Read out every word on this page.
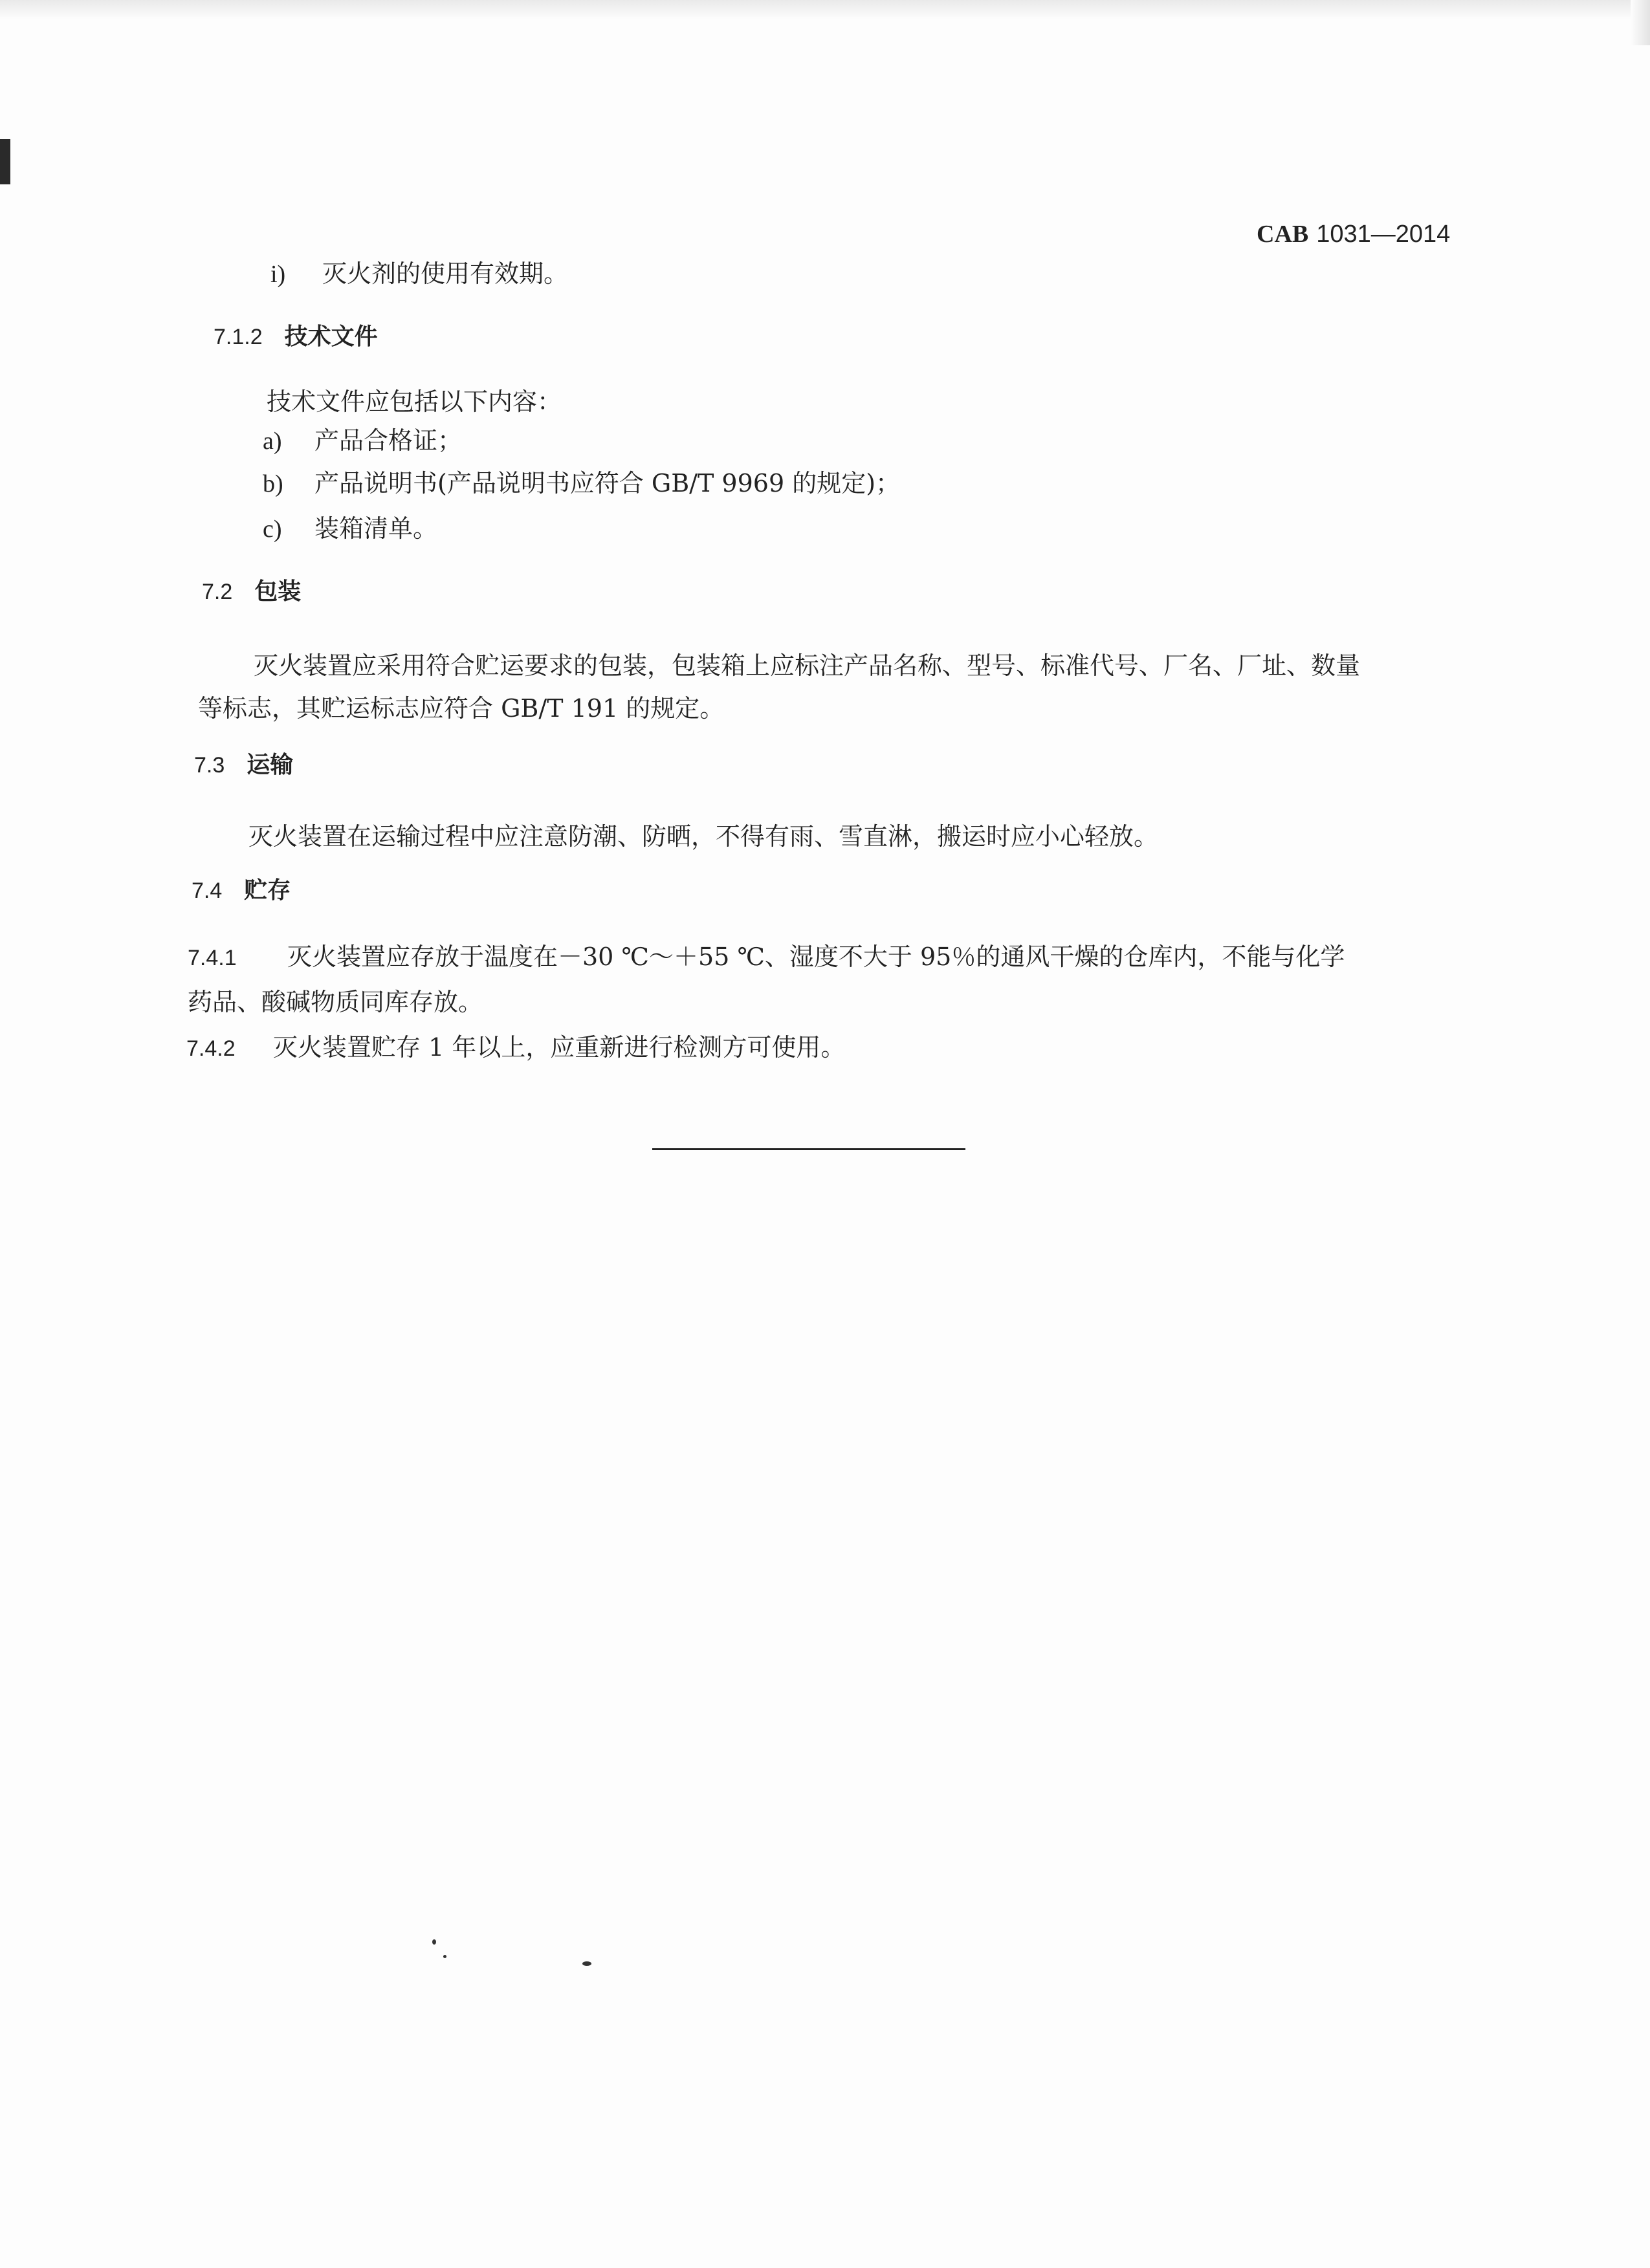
CAB 1031—2014
i) 灭火剂的使用有效期。
7.1.2 技术文件
技术文件应包括以下内容：
a) 产品合格证；
b) 产品说明书(产品说明书应符合 GB/T 9969 的规定)；
c) 装箱清单。
7.2 包装
灭火装置应采用符合贮运要求的包装，包装箱上应标注产品名称、型号、标准代号、厂名、厂址、数量
等标志，其贮运标志应符合 GB/T 191 的规定。
7.3 运输
灭火装置在运输过程中应注意防潮、防晒，不得有雨、雪直淋，搬运时应小心轻放。
7.4 贮存
7.4.1 灭火装置应存放于温度在－30 ℃～＋55 ℃、湿度不大于 95％的通风干燥的仓库内，不能与化学
药品、酸碱物质同库存放。
7.4.2 灭火装置贮存 1 年以上，应重新进行检测方可使用。
